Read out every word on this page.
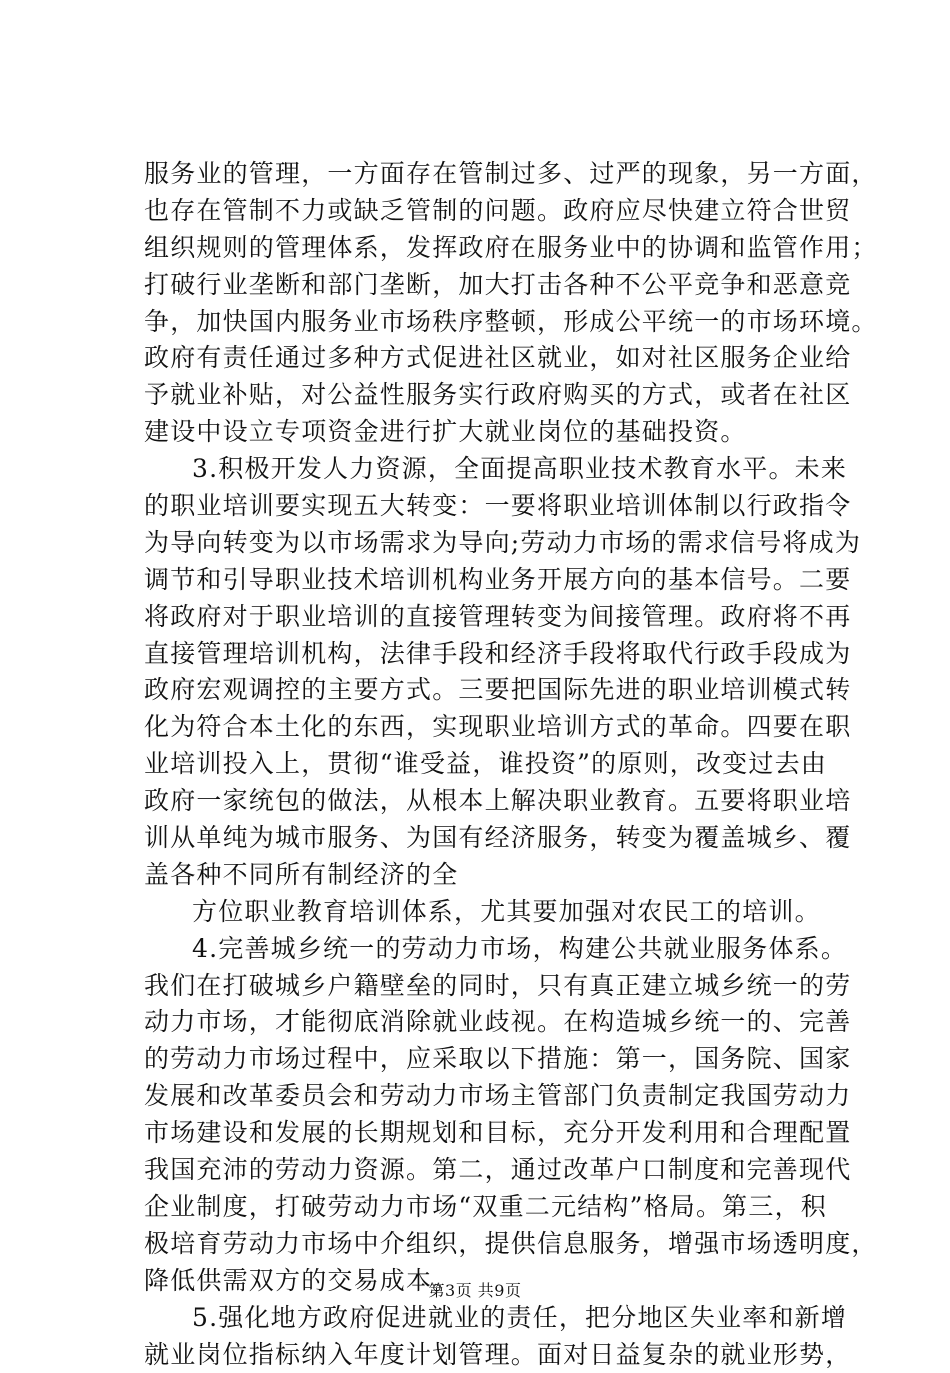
服务业的管理，一方面存在管制过多、过严的现象，另一方面，
也存在管制不力或缺乏管制的问题。政府应尽快建立符合世贸
组织规则的管理体系，发挥政府在服务业中的协调和监管作用；
打破行业垄断和部门垄断，加大打击各种不公平竞争和恶意竞
争，加快国内服务业市场秩序整顿，形成公平统一的市场环境。
政府有责任通过多种方式促进社区就业，如对社区服务企业给
予就业补贴，对公益性服务实行政府购买的方式，或者在社区
建设中设立专项资金进行扩大就业岗位的基础投资。
3.积极开发人力资源，全面提高职业技术教育水平。未来
的职业培训要实现五大转变：一要将职业培训体制以行政指令
为导向转变为以市场需求为导向;劳动力市场的需求信号将成为
调节和引导职业技术培训机构业务开展方向的基本信号。二要
将政府对于职业培训的直接管理转变为间接管理。政府将不再
直接管理培训机构，法律手段和经济手段将取代行政手段成为
政府宏观调控的主要方式。三要把国际先进的职业培训模式转
化为符合本土化的东西，实现职业培训方式的革命。四要在职
业培训投入上，贯彻“谁受益，谁投资”的原则，改变过去由
政府一家统包的做法，从根本上解决职业教育。五要将职业培
训从单纯为城市服务、为国有经济服务，转变为覆盖城乡、覆
盖各种不同所有制经济的全
方位职业教育培训体系，尤其要加强对农民工的培训。
4.完善城乡统一的劳动力市场，构建公共就业服务体系。
我们在打破城乡户籍壁垒的同时，只有真正建立城乡统一的劳
动力市场，才能彻底消除就业歧视。在构造城乡统一的、完善
的劳动力市场过程中，应采取以下措施：第一，国务院、国家
发展和改革委员会和劳动力市场主管部门负责制定我国劳动力
市场建设和发展的长期规划和目标，充分开发利用和合理配置
我国充沛的劳动力资源。第二，通过改革户口制度和完善现代
企业制度，打破劳动力市场“双重二元结构”格局。第三，积
极培育劳动力市场中介组织，提供信息服务，增强市场透明度，
降低供需双方的交易成本。
5.强化地方政府促进就业的责任，把分地区失业率和新增
就业岗位指标纳入年度计划管理。面对日益复杂的就业形势，
第3页 共9页
